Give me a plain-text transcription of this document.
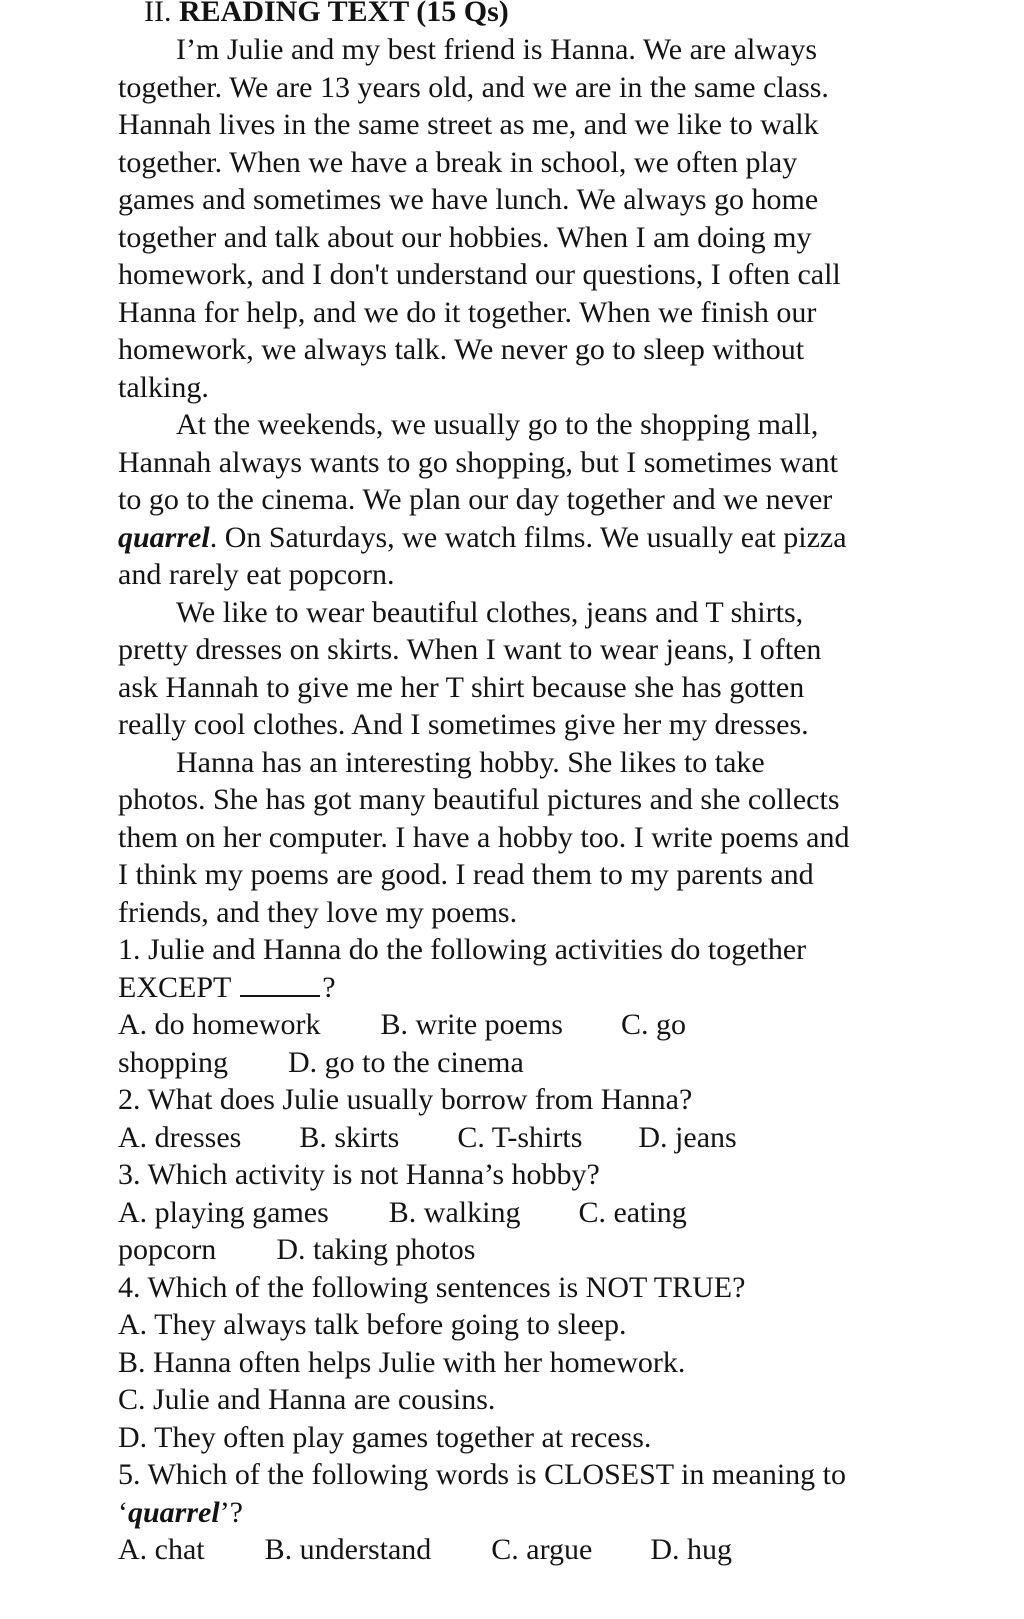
II. READING TEXT (15 Qs)
I’m Julie and my best friend is Hanna. We are always
together. We are 13 years old, and we are in the same class.
Hannah lives in the same street as me, and we like to walk
together. When we have a break in school, we often play
games and sometimes we have lunch. We always go home
together and talk about our hobbies. When I am doing my
homework, and I don't understand our questions, I often call
Hanna for help, and we do it together. When we finish our
homework, we always talk. We never go to sleep without
talking.
At the weekends, we usually go to the shopping mall,
Hannah always wants to go shopping, but I sometimes want
to go to the cinema. We plan our day together and we never
quarrel. On Saturdays, we watch films. We usually eat pizza
and rarely eat popcorn.
We like to wear beautiful clothes, jeans and T shirts,
pretty dresses on skirts. When I want to wear jeans, I often
ask Hannah to give me her T shirt because she has gotten
really cool clothes. And I sometimes give her my dresses.
Hanna has an interesting hobby. She likes to take
photos. She has got many beautiful pictures and she collects
them on her computer. I have a hobby too. I write poems and
I think my poems are good. I read them to my parents and
friends, and they love my poems.
1. Julie and Hanna do the following activities do together
EXCEPT	?
A. do homework B. write poems C. go
shopping D. go to the cinema
2. What does Julie usually borrow from Hanna?
A. dresses B. skirts C. T-shirts D. jeans
3. Which activity is not Hanna’s hobby?
A. playing games B. walking C. eating
popcorn D. taking photos
4. Which of the following sentences is NOT TRUE?
A. They always talk before going to sleep.
B. Hanna often helps Julie with her homework.
C. Julie and Hanna are cousins.
D. They often play games together at recess.
5. Which of the following words is CLOSEST in meaning to
‘quarrel’?
A. chat B. understand C. argue D. hug
